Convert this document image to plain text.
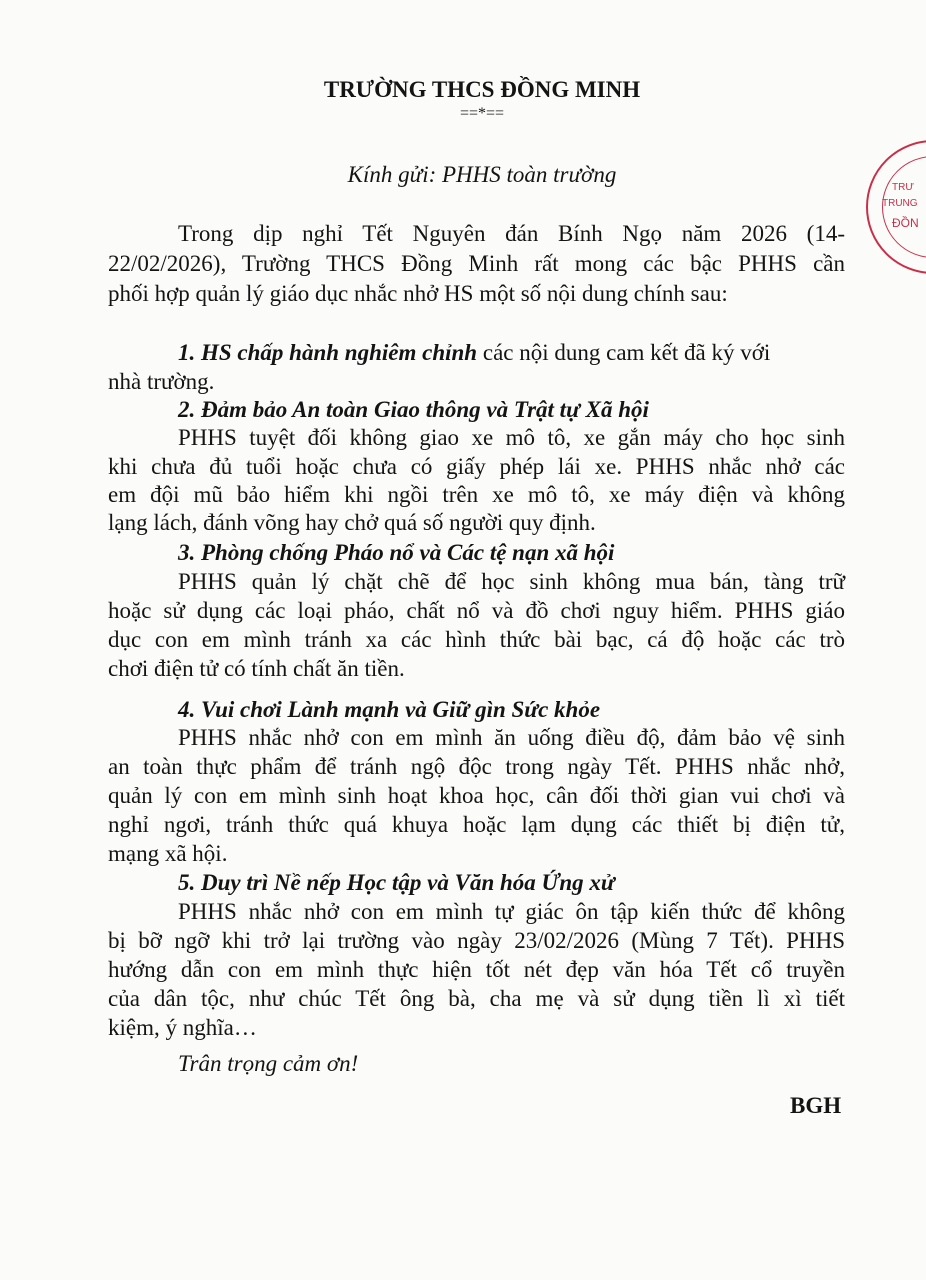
TRƯỜNG THCS ĐỒNG MINH
==*==
Kính gửi: PHHS toàn trường
Trong dịp nghỉ Tết Nguyên đán Bính Ngọ năm 2026 (14-
22/02/2026), Trường THCS Đồng Minh rất mong các bậc PHHS cần
phối hợp quản lý giáo dục nhắc nhở HS một số nội dung chính sau:
1. HS chấp hành nghiêm chỉnh các nội dung cam kết đã ký với
nhà trường.
Trân trọng cảm ơn!
BGH
TRƯ
TRUNG
ĐỒN
2. Đảm bảo An toàn Giao thông và Trật tự Xã hội
PHHS tuyệt đối không giao xe mô tô, xe gắn máy cho học sinh
khi chưa đủ tuổi hoặc chưa có giấy phép lái xe. PHHS nhắc nhở các
em đội mũ bảo hiểm khi ngồi trên xe mô tô, xe máy điện và không
lạng lách, đánh võng hay chở quá số người quy định.
3. Phòng chống Pháo nổ và Các tệ nạn xã hội
PHHS quản lý chặt chẽ để học sinh không mua bán, tàng trữ
hoặc sử dụng các loại pháo, chất nổ và đồ chơi nguy hiểm. PHHS giáo
dục con em mình tránh xa các hình thức bài bạc, cá độ hoặc các trò
chơi điện tử có tính chất ăn tiền.
4. Vui chơi Lành mạnh và Giữ gìn Sức khỏe
PHHS nhắc nhở con em mình ăn uống điều độ, đảm bảo vệ sinh
an toàn thực phẩm để tránh ngộ độc trong ngày Tết. PHHS nhắc nhở,
quản lý con em mình sinh hoạt khoa học, cân đối thời gian vui chơi và
nghỉ ngơi, tránh thức quá khuya hoặc lạm dụng các thiết bị điện tử,
mạng xã hội.
5. Duy trì Nề nếp Học tập và Văn hóa Ứng xử
PHHS nhắc nhở con em mình tự giác ôn tập kiến thức để không
bị bỡ ngỡ khi trở lại trường vào ngày 23/02/2026 (Mùng 7 Tết). PHHS
hướng dẫn con em mình thực hiện tốt nét đẹp văn hóa Tết cổ truyền
của dân tộc, như chúc Tết ông bà, cha mẹ và sử dụng tiền lì xì tiết
kiệm, ý nghĩa…
